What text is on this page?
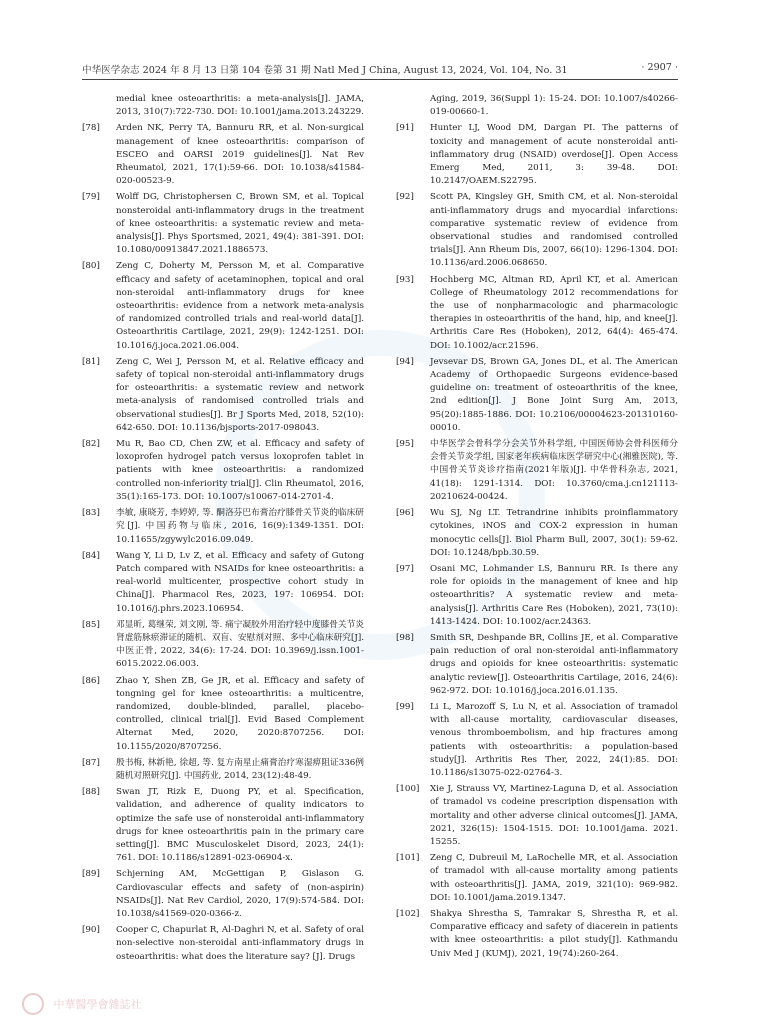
中华医学杂志 2024 年 8 月 13 日第 104 卷第 31 期 Natl Med J China, August 13, 2024, Vol. 104, No. 31	· 2907 ·
medial knee osteoarthritis: a meta-analysis[J]. JAMA, 2013, 310(7):722-730. DOI: 10.1001/jama.2013.243229.
[78]	Arden NK, Perry TA, Bannuru RR, et al. Non-surgical management of knee osteoarthritis: comparison of ESCEO and OARSI 2019 guidelines[J]. Nat Rev Rheumatol, 2021, 17(1):59-66. DOI: 10.1038/s41584-020-00523-9.
[79]	Wolff DG, Christophersen C, Brown SM, et al. Topical nonsteroidal anti-inflammatory drugs in the treatment of knee osteoarthritis: a systematic review and meta-analysis[J]. Phys Sportsmed, 2021, 49(4): 381-391. DOI: 10.1080/00913847.2021.1886573.
[80]	Zeng C, Doherty M, Persson M, et al. Comparative efficacy and safety of acetaminophen, topical and oral non-steroidal anti-inflammatory drugs for knee osteoarthritis: evidence from a network meta-analysis of randomized controlled trials and real-world data[J]. Osteoarthritis Cartilage, 2021, 29(9): 1242-1251. DOI: 10.1016/j.joca.2021.06.004.
[81]	Zeng C, Wei J, Persson M, et al. Relative efficacy and safety of topical non-steroidal anti-inflammatory drugs for osteoarthritis: a systematic review and network meta-analysis of randomised controlled trials and observational studies[J]. Br J Sports Med, 2018, 52(10): 642-650. DOI: 10.1136/bjsports-2017-098043.
[82]	Mu R, Bao CD, Chen ZW, et al. Efficacy and safety of loxoprofen hydrogel patch versus loxoprofen tablet in patients with knee osteoarthritis: a randomized controlled non-inferiority trial[J]. Clin Rheumatol, 2016, 35(1):165-173. DOI: 10.1007/s10067-014-2701-4.
[83]	李敏, 康晓芳, 李婷婷, 等. 酮洛芬巴布膏治疗膝骨关节炎的临床研究[J]. 中国药物与临床, 2016, 16(9):1349-1351. DOI: 10.11655/zgywylc2016.09.049.
[84]	Wang Y, Li D, Lv Z, et al. Efficacy and safety of Gutong Patch compared with NSAIDs for knee osteoarthritis: a real-world multicenter, prospective cohort study in China[J]. Pharmacol Res, 2023, 197: 106954. DOI: 10.1016/j.phrs.2023.106954.
[85]	邓显昕, 葛继荣, 刘文刚, 等. 痛宁凝胶外用治疗轻中度膝骨关节炎肾虚筋脉瘀滞证的随机、双盲、安慰剂对照、多中心临床研究[J]. 中医正骨, 2022, 34(6): 17-24. DOI: 10.3969/j.issn.1001-6015.2022.06.003.
[86]	Zhao Y, Shen ZB, Ge JR, et al. Efficacy and safety of tongning gel for knee osteoarthritis: a multicentre, randomized, double-blinded, parallel, placebo-controlled, clinical trial[J]. Evid Based Complement Alternat Med, 2020, 2020:8707256. DOI: 10.1155/2020/8707256.
[87]	殷书梅, 林新艳, 徐超, 等. 复方南星止痛膏治疗寒湿痹阻证336例随机对照研究[J]. 中国药业, 2014, 23(12):48-49.
[88]	Swan JT, Rizk E, Duong PY, et al. Specification, validation, and adherence of quality indicators to optimize the safe use of nonsteroidal anti-inflammatory drugs for knee osteoarthritis pain in the primary care setting[J]. BMC Musculoskelet Disord, 2023, 24(1): 761. DOI: 10.1186/s12891-023-06904-x.
[89]	Schjerning AM, McGettigan P, Gislason G. Cardiovascular effects and safety of (non-aspirin) NSAIDs[J]. Nat Rev Cardiol, 2020, 17(9):574-584. DOI: 10.1038/s41569-020-0366-z.
[90]	Cooper C, Chapurlat R, Al-Daghri N, et al. Safety of oral non-selective non-steroidal anti-inflammatory drugs in osteoarthritis: what does the literature say? [J]. Drugs
Aging, 2019, 36(Suppl 1): 15-24. DOI: 10.1007/s40266-019-00660-1.
[91]	Hunter LJ, Wood DM, Dargan PI. The patterns of toxicity and management of acute nonsteroidal anti-inflammatory drug (NSAID) overdose[J]. Open Access Emerg Med, 2011, 3: 39-48. DOI: 10.2147/OAEM.S22795.
[92]	Scott PA, Kingsley GH, Smith CM, et al. Non-steroidal anti-inflammatory drugs and myocardial infarctions: comparative systematic review of evidence from observational studies and randomised controlled trials[J]. Ann Rheum Dis, 2007, 66(10): 1296-1304. DOI: 10.1136/ard.2006.068650.
[93]	Hochberg MC, Altman RD, April KT, et al. American College of Rheumatology 2012 recommendations for the use of nonpharmacologic and pharmacologic therapies in osteoarthritis of the hand, hip, and knee[J]. Arthritis Care Res (Hoboken), 2012, 64(4): 465-474. DOI: 10.1002/acr.21596.
[94]	Jevsevar DS, Brown GA, Jones DL, et al. The American Academy of Orthopaedic Surgeons evidence-based guideline on: treatment of osteoarthritis of the knee, 2nd edition[J]. J Bone Joint Surg Am, 2013, 95(20):1885-1886. DOI: 10.2106/00004623-201310160-00010.
[95]	中华医学会骨科学分会关节外科学组, 中国医师协会骨科医师分会骨关节炎学组, 国家老年疾病临床医学研究中心(湘雅医院), 等. 中国骨关节炎诊疗指南(2021年版)[J]. 中华骨科杂志, 2021, 41(18): 1291-1314. DOI: 10.3760/cma.j.cn121113-20210624-00424.
[96]	Wu SJ, Ng LT. Tetrandrine inhibits proinflammatory cytokines, iNOS and COX-2 expression in human monocytic cells[J]. Biol Pharm Bull, 2007, 30(1): 59-62. DOI: 10.1248/bpb.30.59.
[97]	Osani MC, Lohmander LS, Bannuru RR. Is there any role for opioids in the management of knee and hip osteoarthritis? A systematic review and meta-analysis[J]. Arthritis Care Res (Hoboken), 2021, 73(10): 1413-1424. DOI: 10.1002/acr.24363.
[98]	Smith SR, Deshpande BR, Collins JE, et al. Comparative pain reduction of oral non-steroidal anti-inflammatory drugs and opioids for knee osteoarthritis: systematic analytic review[J]. Osteoarthritis Cartilage, 2016, 24(6): 962-972. DOI: 10.1016/j.joca.2016.01.135.
[99]	Li L, Marozoff S, Lu N, et al. Association of tramadol with all-cause mortality, cardiovascular diseases, venous thromboembolism, and hip fractures among patients with osteoarthritis: a population-based study[J]. Arthritis Res Ther, 2022, 24(1):85. DOI: 10.1186/s13075-022-02764-3.
[100]	Xie J, Strauss VY, Martinez-Laguna D, et al. Association of tramadol vs codeine prescription dispensation with mortality and other adverse clinical outcomes[J]. JAMA, 2021, 326(15): 1504-1515. DOI: 10.1001/jama. 2021. 15255.
[101]	Zeng C, Dubreuil M, LaRochelle MR, et al. Association of tramadol with all-cause mortality among patients with osteoarthritis[J]. JAMA, 2019, 321(10): 969-982. DOI: 10.1001/jama.2019.1347.
[102]	Shakya Shrestha S, Tamrakar S, Shrestha R, et al. Comparative efficacy and safety of diacerein in patients with knee osteoarthritis: a pilot study[J]. Kathmandu Univ Med J (KUMJ), 2021, 19(74):260-264.
中華醫學會雜誌社
